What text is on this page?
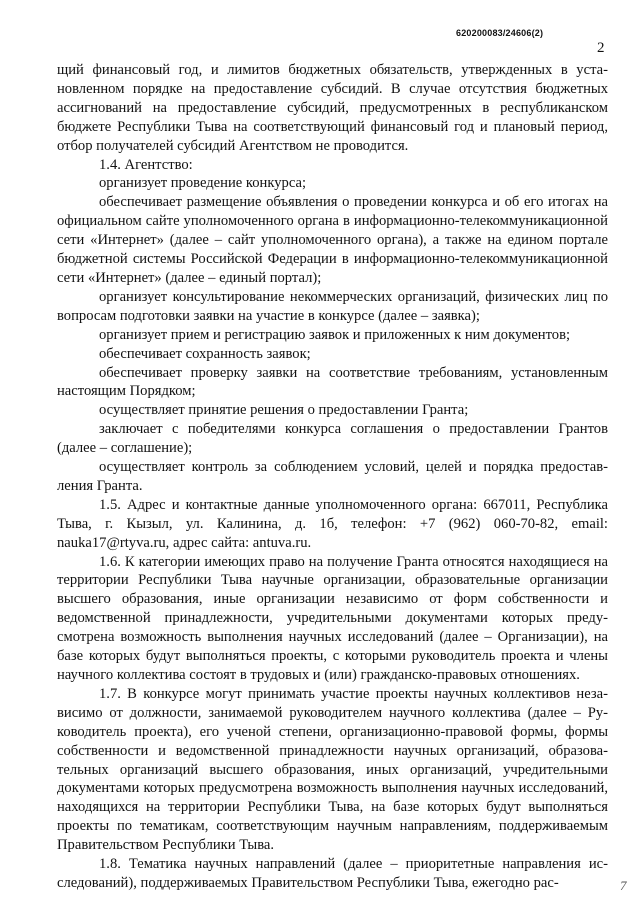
620200083/24606(2)
2

щий финансовый год, и лимитов бюджетных обязательств, утвержденных в установленном порядке на предоставление субсидий. В случае отсутствия бюджетных ассигнований на предоставление субсидий, предусмотренных в республиканском бюджете Республики Тыва на соответствующий финансовый год и плановый период, отбор получателей субсидий Агентством не проводится.

1.4. Агентство:

организует проведение конкурса;

обеспечивает размещение объявления о проведении конкурса и об его итогах на официальном сайте уполномоченного органа в информационно-телекоммуникационной сети «Интернет» (далее – сайт уполномоченного органа), а также на едином портале бюджетной системы Российской Федерации в информационно-телекоммуникационной сети «Интернет» (далее – единый портал);

организует консультирование некоммерческих организаций, физических лиц по вопросам подготовки заявки на участие в конкурсе (далее – заявка);

организует прием и регистрацию заявок и приложенных к ним документов;

обеспечивает сохранность заявок;

обеспечивает проверку заявки на соответствие требованиям, установленным настоящим Порядком;

осуществляет принятие решения о предоставлении Гранта;

заключает с победителями конкурса соглашения о предоставлении Грантов (далее – соглашение);

осуществляет контроль за соблюдением условий, целей и порядка предоставления Гранта.

1.5. Адрес и контактные данные уполномоченного органа: 667011, Республика Тыва, г. Кызыл, ул. Калинина, д. 1б, телефон: +7 (962) 060-70-82, email: nauka17@rtyva.ru, адрес сайта: antuva.ru.

1.6. К категории имеющих право на получение Гранта относятся находящиеся на территории Республики Тыва научные организации, образовательные организации высшего образования, иные организации независимо от форм собственности и ведомственной принадлежности, учредительными документами которых предусмотрена возможность выполнения научных исследований (далее – Организации), на базе которых будут выполняться проекты, с которыми руководитель проекта и члены научного коллектива состоят в трудовых и (или) гражданско-правовых отношениях.

1.7. В конкурсе могут принимать участие проекты научных коллективов независимо от должности, занимаемой руководителем научного коллектива (далее – Руководитель проекта), его ученой степени, организационно-правовой формы, формы собственности и ведомственной принадлежности научных организаций, образовательных организаций высшего образования, иных организаций, учредительными документами которых предусмотрена возможность выполнения научных исследований, находящихся на территории Республики Тыва, на базе которых будут выполняться проекты по тематикам, соответствующим научным направлениям, поддерживаемым Правительством Республики Тыва.

1.8. Тематика научных направлений (далее – приоритетные направления исследований), поддерживаемых Правительством Республики Тыва, ежегодно рас-	7
